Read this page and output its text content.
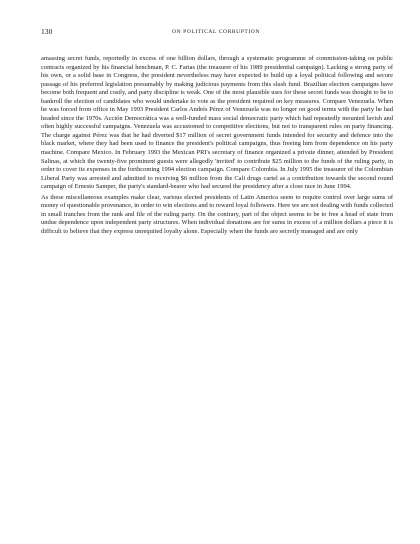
130	ON POLITICAL CORRUPTION

amassing secret funds, reportedly in excess of one billion dollars, through a systematic programme of commission-taking on public contracts organized by his financial henchman, P. C. Farias (the treasurer of his 1989 presidential campaign). Lacking a strong party of his own, or a solid base in Congress, the president nevertheless may have expected to build up a loyal political following and secure passage of his preferred legislation presumably by making judicious payments from this slush fund. Brazilian election campaigns have become both frequent and costly, and party discipline is weak. One of the most plausible uses for these secret funds was thought to be to bankroll the election of candidates who would undertake to vote as the president required on key measures. Compare Venezuela. When he was forced from office in May 1993 President Carlos Andrés Pérez of Venezuela was no longer on good terms with the party he had headed since the 1970s. Acción Democrática was a well-funded mass social democratic party which had repeatedly mounted lavish and often highly successful campaigns. Venezuela was accustomed to competitive elections, but not to transparent rules on party financing. The charge against Pérez was that he had diverted $17 million of secret government funds intended for security and defence into the black market, where they had been used to finance the president's political campaigns, thus freeing him from dependence on his party machine. Compare Mexico. In February 1993 the Mexican PRI's secretary of finance organized a private dinner, attended by President Salinas, at which the twenty-five prominent guests were allegedly 'invited' to contribute $25 million to the funds of the ruling party, in order to cover its expenses in the forthcoming 1994 election campaign. Compare Colombia. In July 1995 the treasurer of the Colombian Liberal Party was arrested and admitted to receiving $6 million from the Cali drugs cartel as a contribution towards the second round campaign of Ernesto Samper, the party's standard-bearer who had secured the presidency after a close race in June 1994.

As these miscellaneous examples make clear, various elected presidents of Latin America seem to require control over large sums of money of questionable provenance, in order to win elections and to reward loyal followers. Here we are not dealing with funds collected in small tranches from the rank and file of the ruling party. On the contrary, part of the object seems to be to free a head of state from undue dependence upon independent party structures. When individual donations are for sums in excess of a million dollars a piece it is difficult to believe that they express unrequited loyalty alone. Especially when the funds are secretly managed and are only
